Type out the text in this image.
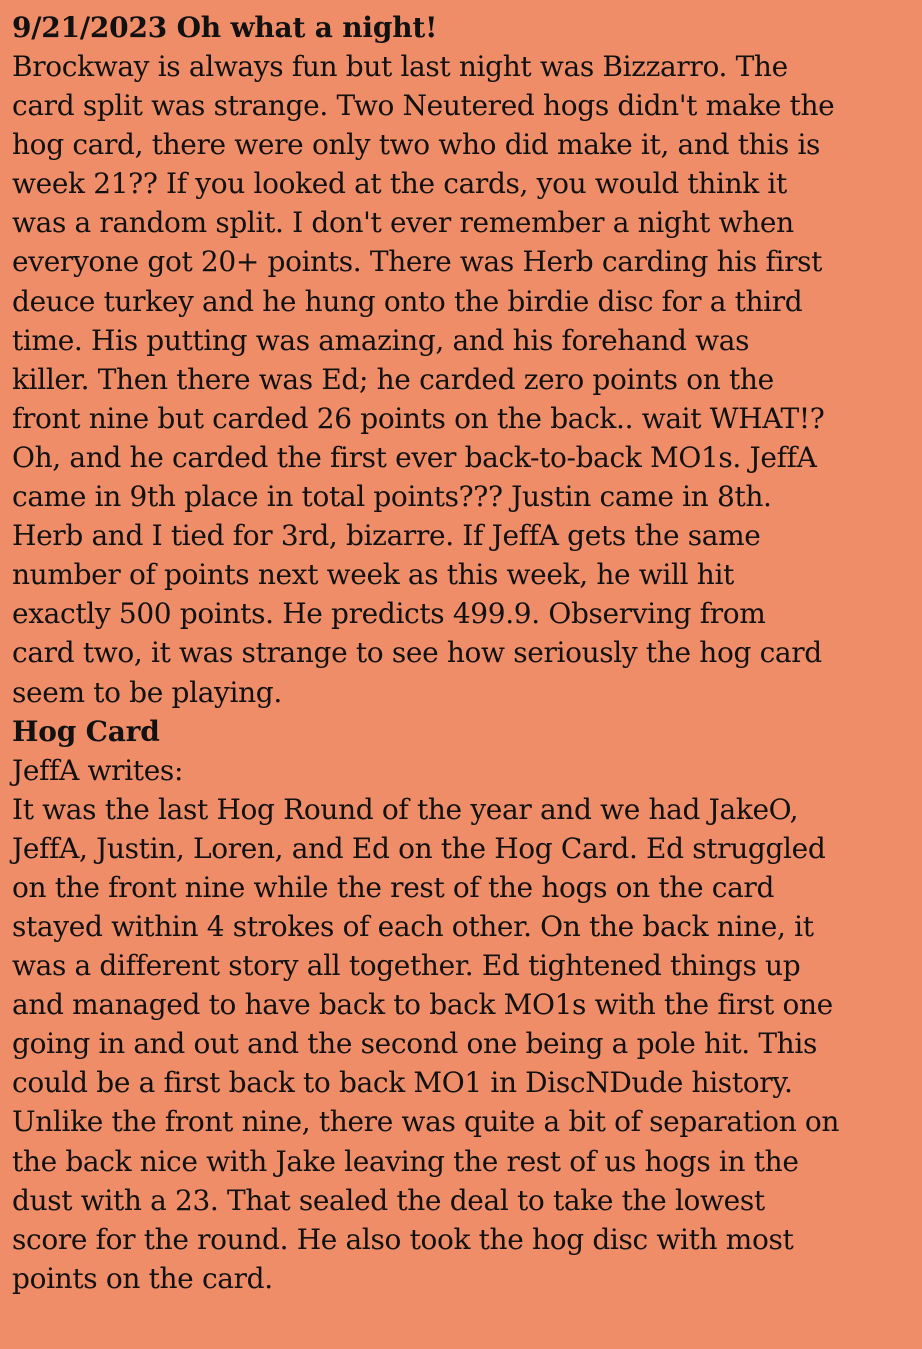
9/21/2023 Oh what a night!
Brockway is always fun but last night was Bizzarro. The
card split was strange. Two Neutered hogs didn't make the
hog card, there were only two who did make it, and this is
week 21?? If you looked at the cards, you would think it
was a random split. I don't ever remember a night when
everyone got 20+ points. There was Herb carding his first
deuce turkey and he hung onto the birdie disc for a third
time. His putting was amazing, and his forehand was
killer. Then there was Ed; he carded zero points on the
front nine but carded 26 points on the back.. wait WHAT!?
Oh, and he carded the first ever back-to-back MO1s. JeffA
came in 9th place in total points??? Justin came in 8th.
Herb and I tied for 3rd, bizarre. If JeffA gets the same
number of points next week as this week, he will hit
exactly 500 points. He predicts 499.9. Observing from
card two, it was strange to see how seriously the hog card
seem to be playing.
Hog Card
JeffA writes:
It was the last Hog Round of the year and we had JakeO,
JeffA, Justin, Loren, and Ed on the Hog Card. Ed struggled
on the front nine while the rest of the hogs on the card
stayed within 4 strokes of each other. On the back nine, it
was a different story all together. Ed tightened things up
and managed to have back to back MO1s with the first one
going in and out and the second one being a pole hit. This
could be a first back to back MO1 in DiscNDude history.
Unlike the front nine, there was quite a bit of separation on
the back nice with Jake leaving the rest of us hogs in the
dust with a 23. That sealed the deal to take the lowest
score for the round. He also took the hog disc with most
points on the card.
